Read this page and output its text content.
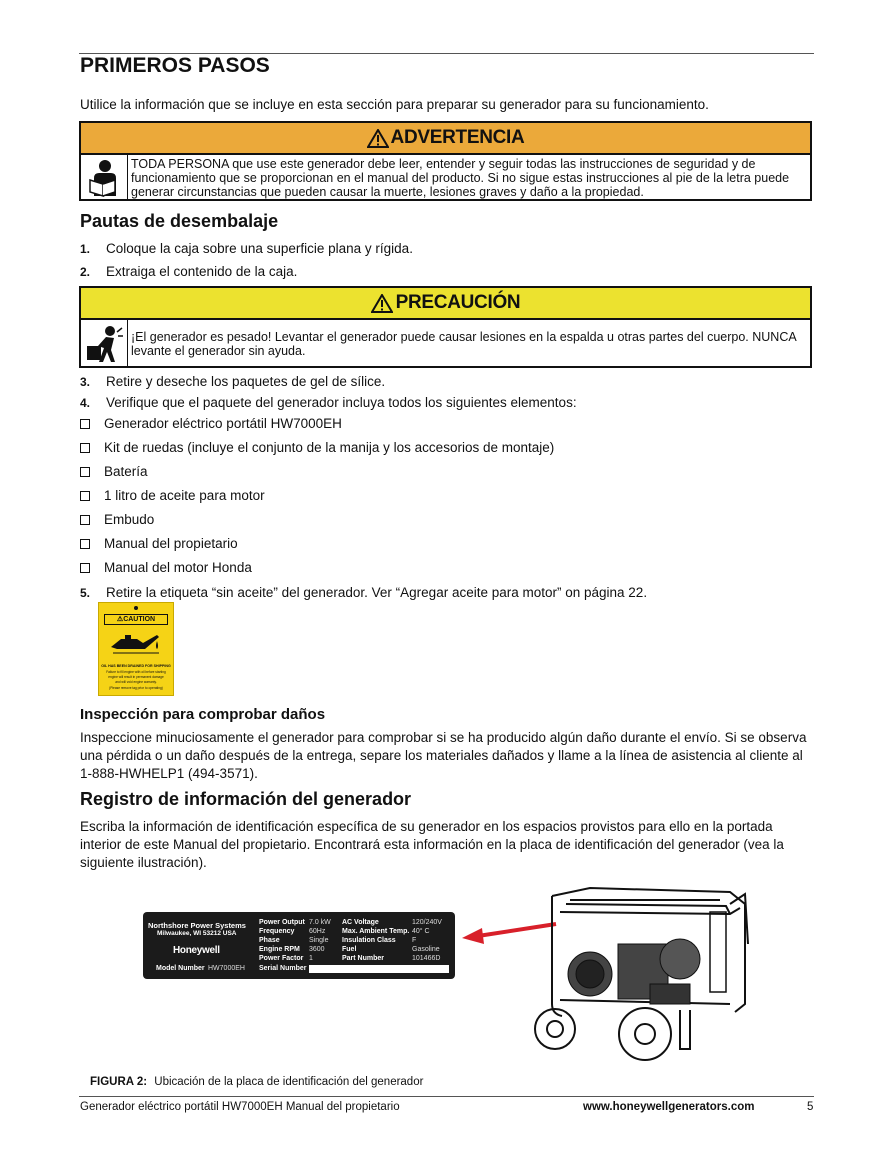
PRIMEROS PASOS
Utilice la información que se incluye en esta sección para preparar su generador para su funcionamiento.
ADVERTENCIA
TODA PERSONA que use este generador debe leer, entender y seguir todas las instrucciones de seguridad y de funcionamiento que se proporcionan en el manual del producto. Si no sigue estas instrucciones al pie de la letra puede generar circunstancias que pueden causar la muerte, lesiones graves y daño a la propiedad.
Pautas de desembalaje
1. Coloque la caja sobre una superficie plana y rígida.
2. Extraiga el contenido de la caja.
PRECAUCIÓN
¡El generador es pesado! Levantar el generador puede causar lesiones en la espalda u otras partes del cuerpo. NUNCA levante el generador sin ayuda.
3. Retire y deseche los paquetes de gel de sílice.
4. Verifique que el paquete del generador incluya todos los siguientes elementos:
Generador eléctrico portátil HW7000EH
Kit de ruedas (incluye el conjunto de la manija y los accesorios de montaje)
Batería
1 litro de aceite para motor
Embudo
Manual del propietario
Manual del motor Honda
5. Retire la etiqueta “sin aceite” del generador. Ver “Agregar aceite para motor” on página 22.
⚠CAUTION
OIL HAS BEEN DRAINED FOR SHIPPING
Failure to fill engine with oil before starting
engine will result in permanent damage
and will void engine warranty.
(Please remove tag prior to operating)
Inspección para comprobar daños
Inspeccione minuciosamente el generador para comprobar si se ha producido algún daño durante el envío. Si se observa una pérdida o un daño después de la entrega, separe los materiales dañados y llame a la línea de asistencia al cliente al 1-888-HWHELP1 (494-3571).
Registro de información del generador
Escriba la información de identificación específica de su generador en los espacios provistos para ello en la portada interior de este Manual del propietario. Encontrará esta información en la placa de identificación del generador (vea la siguiente ilustración).
Northshore Power Systems
Milwaukee, WI 53212 USA
Honeywell
Model Number HW7000EH
Power Output
Frequency
Phase
Engine RPM
Power Factor
Serial Number
7.0 kW
60Hz
Single
3600
1
AC Voltage
Max. Ambient Temp.
Insulation Class
Fuel
Part Number
120/240V
40° C
F
Gasoline
101466D
FIGURA 2: Ubicación de la placa de identificación del generador
Generador eléctrico portátil HW7000EH Manual del propietario	www.honeywellgenerators.com	5
